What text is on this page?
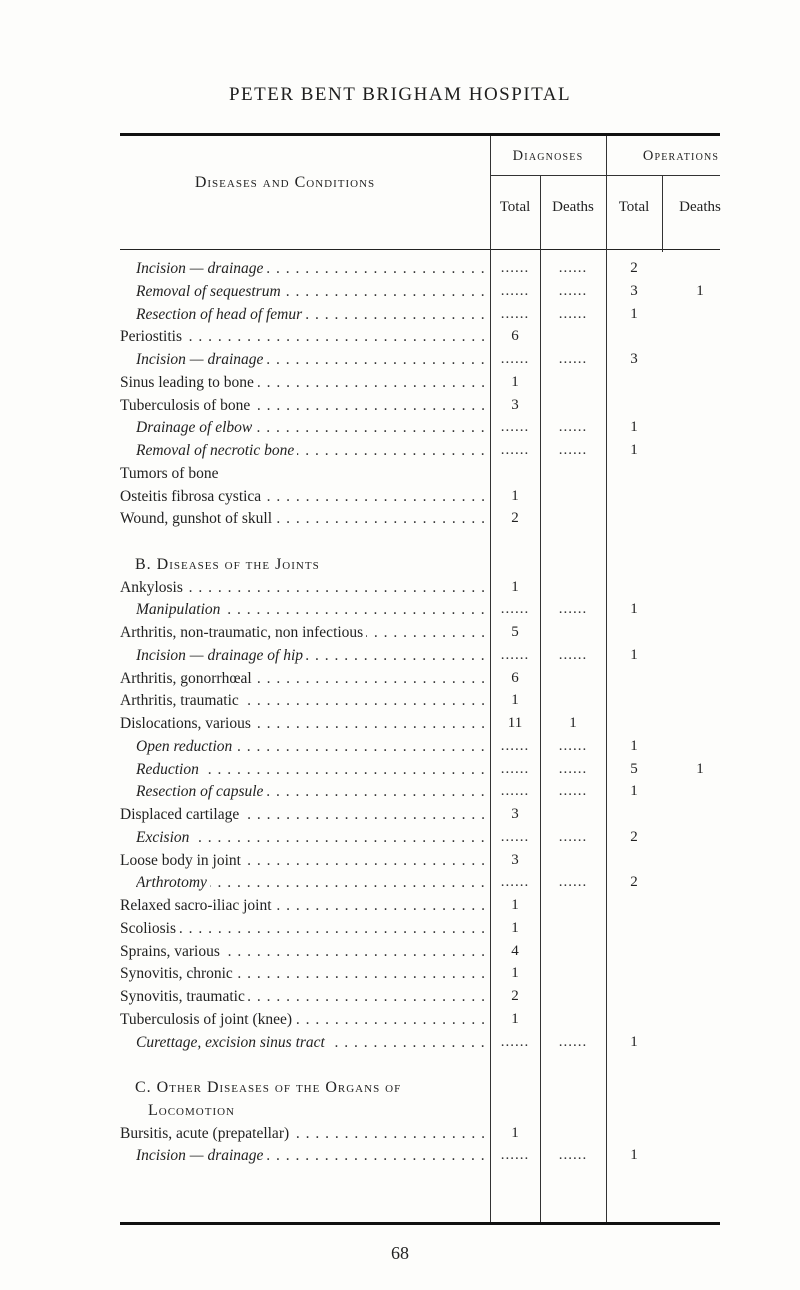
PETER BENT BRIGHAM HOSPITAL
Diseases and Conditions
Diagnoses	Operations
Total	Deaths	Total	Deaths
Incision — drainage . . .	......	......	2
Removal of sequestrum . . .	......	......	3	1
Resection of head of femur . . .	......	......	1
Periostitis . . .	6
Incision — drainage . . .	......	......	3
Sinus leading to bone . . .	1
Tuberculosis of bone . . .	3
Drainage of elbow . . .	......	......	1
Removal of necrotic bone . . .	......	......	1
Tumors of bone
Osteitis fibrosa cystica . . .	1
Wound, gunshot of skull . . .	2
B. Diseases of the Joints
Ankylosis . . .	1
Manipulation . . .	......	......	1
Arthritis, non-traumatic, non infectious . . .	5
Incision — drainage of hip . . .	......	......	1
Arthritis, gonorrhœal . . .	6
Arthritis, traumatic . . .	1
Dislocations, various . . .	11	1
Open reduction . . .	......	......	1
Reduction . . .	......	......	5	1
Resection of capsule . . .	......	......	1
Displaced cartilage . . .	3
Excision . . .	......	......	2
Loose body in joint . . .	3
Arthrotomy . . .	......	......	2
Relaxed sacro-iliac joint . . .	1
Scoliosis . . .	1
Sprains, various . . .	4
Synovitis, chronic . . .	1
Synovitis, traumatic . . .	2
Tuberculosis of joint (knee) . . .	1
Curettage, excision sinus tract . . .	......	......	1
C. Other Diseases of the Organs of
Locomotion
Bursitis, acute (prepatellar) . . .	1
Incision — drainage . . .	......	......	1
68
